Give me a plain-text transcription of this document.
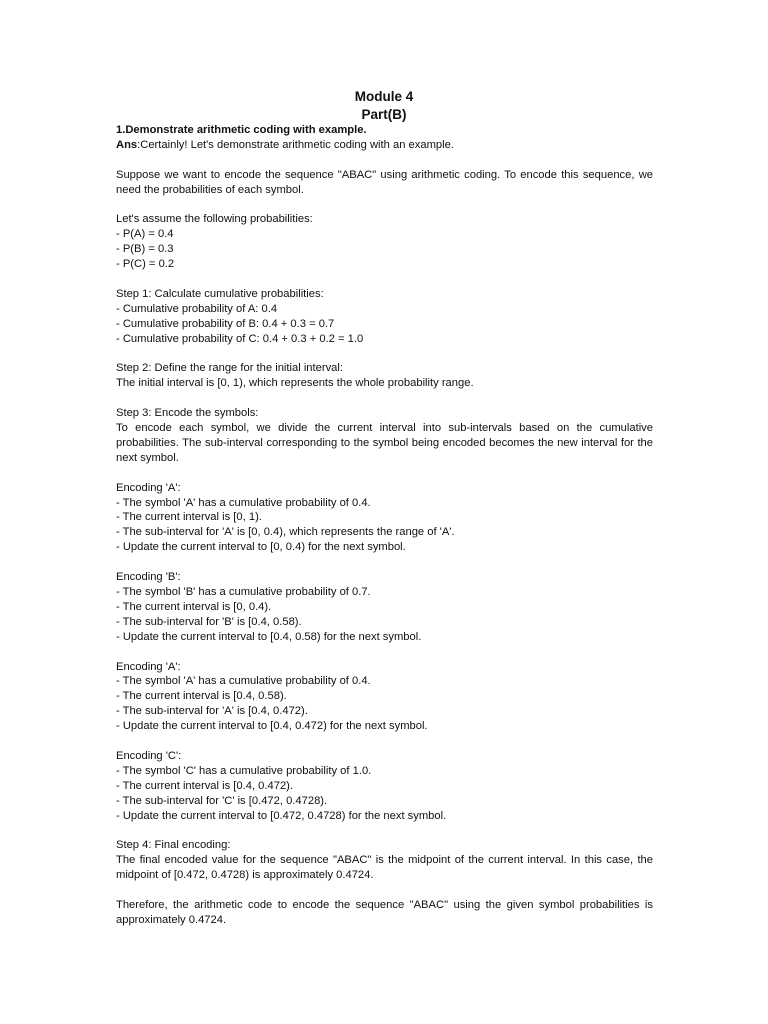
Module 4
Part(B)

1.Demonstrate arithmetic coding with example.

Ans:Certainly! Let's demonstrate arithmetic coding with an example.

Suppose we want to encode the sequence "ABAC" using arithmetic coding. To encode this sequence, we need the probabilities of each symbol.

Let's assume the following probabilities:

- P(A) = 0.4

- P(B) = 0.3

- P(C) = 0.2

Step 1: Calculate cumulative probabilities:

- Cumulative probability of A: 0.4

- Cumulative probability of B: 0.4 + 0.3 = 0.7

- Cumulative probability of C: 0.4 + 0.3 + 0.2 = 1.0

Step 2: Define the range for the initial interval:

The initial interval is [0, 1), which represents the whole probability range.

Step 3: Encode the symbols:

To encode each symbol, we divide the current interval into sub-intervals based on the cumulative probabilities. The sub-interval corresponding to the symbol being encoded becomes the new interval for the next symbol.

Encoding 'A':

- The symbol 'A' has a cumulative probability of 0.4.

- The current interval is [0, 1).

- The sub-interval for 'A' is [0, 0.4), which represents the range of 'A'.

- Update the current interval to [0, 0.4) for the next symbol.

Encoding 'B':

- The symbol 'B' has a cumulative probability of 0.7.

- The current interval is [0, 0.4).

- The sub-interval for 'B' is [0.4, 0.58).

- Update the current interval to [0.4, 0.58) for the next symbol.

Encoding 'A':

- The symbol 'A' has a cumulative probability of 0.4.

- The current interval is [0.4, 0.58).

- The sub-interval for 'A' is [0.4, 0.472).

- Update the current interval to [0.4, 0.472) for the next symbol.

Encoding 'C':

- The symbol 'C' has a cumulative probability of 1.0.

- The current interval is [0.4, 0.472).

- The sub-interval for 'C' is [0.472, 0.4728).

- Update the current interval to [0.472, 0.4728) for the next symbol.

Step 4: Final encoding:

The final encoded value for the sequence "ABAC" is the midpoint of the current interval. In this case, the midpoint of [0.472, 0.4728) is approximately 0.4724.

Therefore, the arithmetic code to encode the sequence "ABAC" using the given symbol probabilities is approximately 0.4724.
